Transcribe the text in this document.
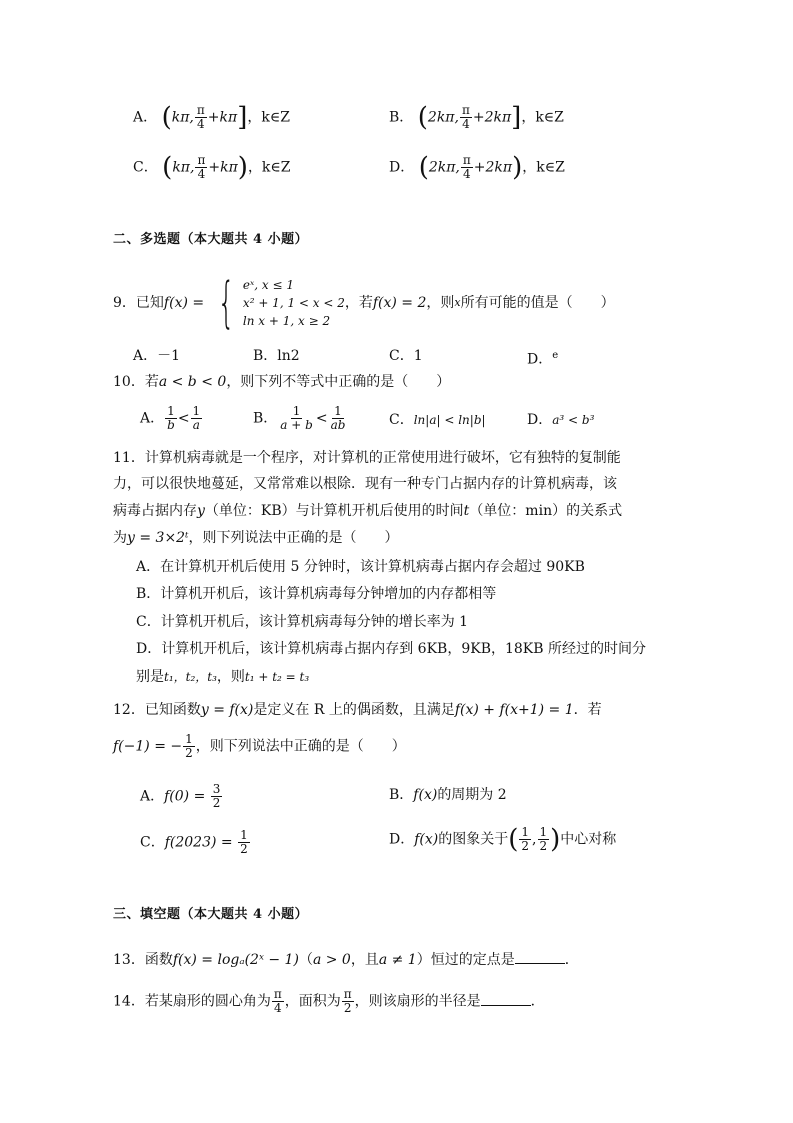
A． (kπ, $\frac{\pi}{4} +k\pi$]，k∈Z	B． (2kπ, $\frac{\pi}{4} +2k\pi$]，k∈Z
C． (kπ, $\frac{\pi}{4} +k\pi$)，k∈Z	D． (2kπ, $\frac{\pi}{4} +2k\pi$)，k∈Z
二、多选题（本大题共 4 小题）
9．已知f(x) = { eˣ, x ≤ 1
x² + 1, 1 < x < 2
ln x + 1, x ≥ 2
，若f(x) = 2，则x所有可能的值是（　　）
A．－1	B．ln2	C．1	D．$^e$
10．若a < b < 0，则下列不等式中正确的是（　　）
A． $\frac{1}{b} < \frac{1}{a}$	B． $\frac{1}{a + b} < \frac{1}{ab}$	C．ln|a| < ln|b|	D．a³ < b³
11．计算机病毒就是一个程序，对计算机的正常使用进行破坏，它有独特的复制能
力，可以很快地蔓延，又常常难以根除．现有一种专门占据内存的计算机病毒，该
病毒占据内存y（单位：KB）与计算机开机后使用的时间t（单位：min）的关系式
为y = 3×2ᵗ，则下列说法中正确的是（　　）
A．在计算机开机后使用 5 分钟时，该计算机病毒占据内存会超过 90KB
B．计算机开机后，该计算机病毒每分钟增加的内存都相等
C．计算机开机后，该计算机病毒每分钟的增长率为 1
D．计算机开机后，该计算机病毒占据内存到 6KB，9KB，18KB 所经过的时间分
别是t₁，t₂，t₃，则t₁ + t₂ = t₃
12．已知函数y = f(x)是定义在 R 上的偶函数，且满足f(x) + f(x+1) = 1．若
f(−1) = − $\frac{1}{2}$ ，则下列说法中正确的是（　　）
A．$f(0) = \frac{3}{2}$	B．f(x)的周期为 2
C．$f(2023) = \frac{1}{2}$	D．f(x)的图象关于( $\frac{1}{2}$ , $\frac{1}{2}$ )中心对称
三、填空题（本大题共 4 小题）
13．函数f(x) = logₐ(2ˣ − 1)（a > 0，且a ≠ 1）恒过的定点是	．
14．若某扇形的圆心角为 $\frac{\pi}{4}$ ，面积为 $\frac{\pi}{2}$ ，则该扇形的半径是	．
